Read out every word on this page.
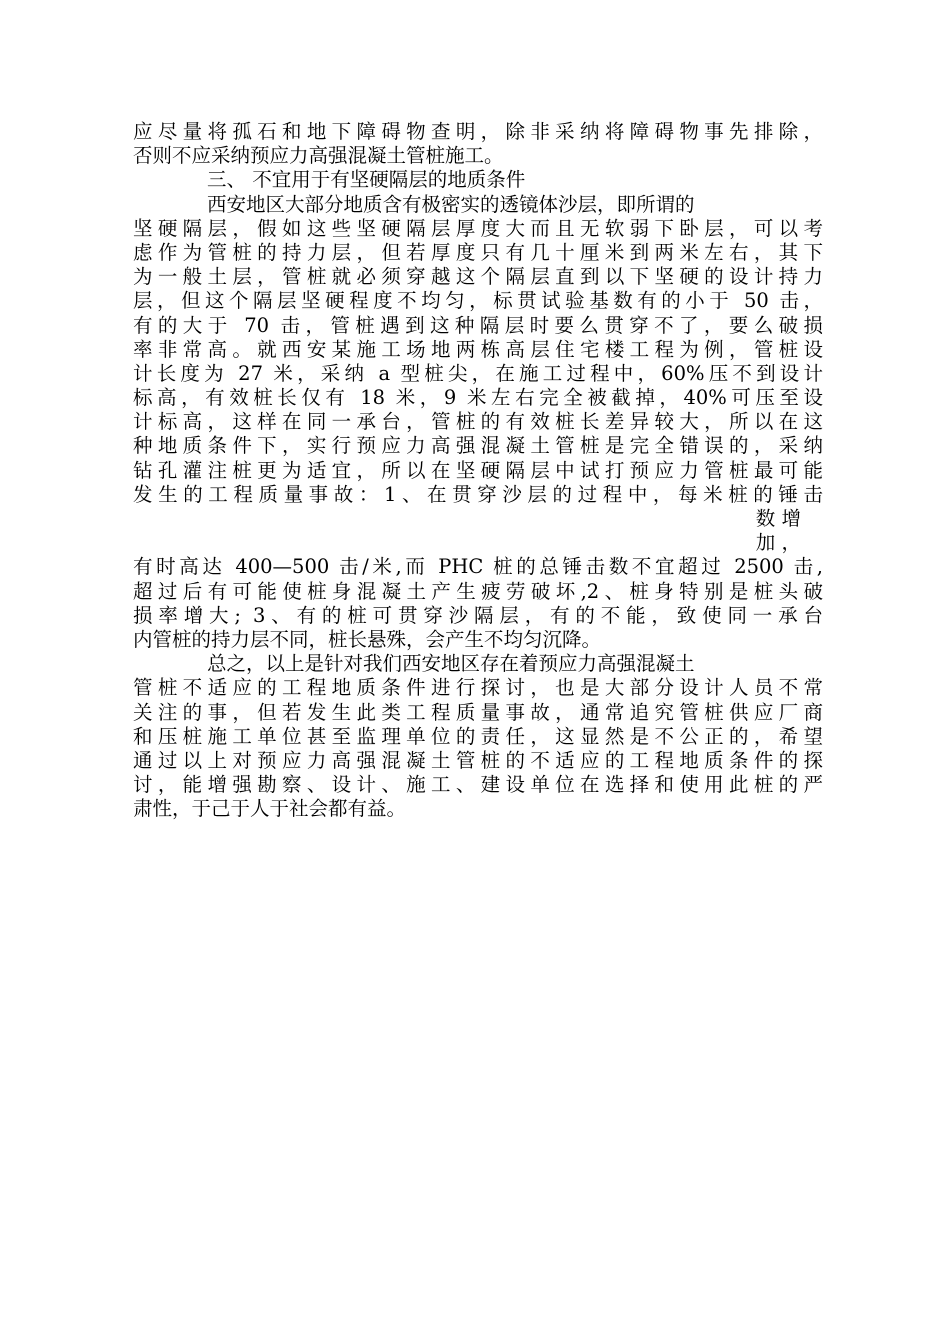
应尽量将孤石和地下障碍物查明，除非采纳将障碍物事先排除，
否则不应采纳预应力高强混凝土管桩施工。
三、 不宜用于有坚硬隔层的地质条件
西安地区大部分地质含有极密实的透镜体沙层，即所谓的
坚硬隔层，假如这些坚硬隔层厚度大而且无软弱下卧层，可以考
虑作为管桩的持力层，但若厚度只有几十厘米到两米左右，其下
为一般土层，管桩就必须穿越这个隔层直到以下坚硬的设计持力
层，但这个隔层坚硬程度不均匀，标贯试验基数有的小于 50 击，
有的大于 70 击，管桩遇到这种隔层时要么贯穿不了，要么破损
率非常高。就西安某施工场地两栋高层住宅楼工程为例，管桩设
计长度为 27 米，采纳 a 型桩尖，在施工过程中，60%压不到设计
标高，有效桩长仅有 18 米，9 米左右完全被截掉，40%可压至设
计标高，这样在同一承台，管桩的有效桩长差异较大，所以在这
种地质条件下，实行预应力高强混凝土管桩是完全错误的，采纳
钻孔灌注桩更为适宜，所以在坚硬隔层中试打预应力管桩最可能
发生的工程质量事故：1、在贯穿沙层的过程中，每米桩的锤击
数 增
加 ，
有时高达 400—500 击/米,而 PHC 桩的总锤击数不宜超过 2500 击,
超过后有可能使桩身混凝土产生疲劳破坏,2、桩身特别是桩头破
损率增大; 3、有的桩可贯穿沙隔层，有的不能，致使同一承台
内管桩的持力层不同，桩长悬殊，会产生不均匀沉降。
总之，以上是针对我们西安地区存在着预应力高强混凝土
管桩不适应的工程地质条件进行探讨，也是大部分设计人员不常
关注的事，但若发生此类工程质量事故，通常追究管桩供应厂商
和压桩施工单位甚至监理单位的责任，这显然是不公正的，希望
通过以上对预应力高强混凝土管桩的不适应的工程地质条件的探
讨，能增强勘察、设计、施工、建设单位在选择和使用此桩的严
肃性，于己于人于社会都有益。
